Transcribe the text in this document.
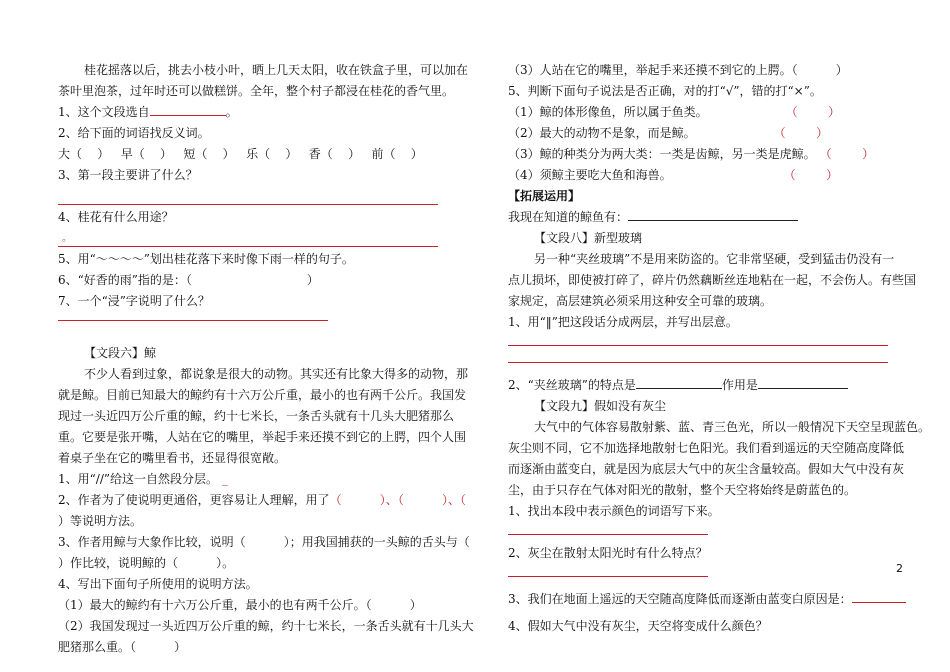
桂花摇落以后，挑去小枝小叶，晒上几天太阳，收在铁盒子里，可以加在
茶叶里泡茶，过年时还可以做糕饼。全年，整个村子都浸在桂花的香气里。
1、这个文段选自	。
2、给下面的词语找反义词。
大（    ）   早（    ）   短（    ）   乐（    ）   香（    ）   前（    ）
3、第一段主要讲了什么？
4、桂花有什么用途？
。
5、用“～～～～”划出桂花落下来时像下雨一样的句子。
6、“好香的雨”指的是：（	）
7、一个“浸”字说明了什么？
【文段六】鲸
不少人看到过象，都说象是很大的动物。其实还有比象大得多的动物，那
就是鲸。目前已知最大的鲸约有十六万公斤重，最小的也有两千公斤。我国发
现过一头近四万公斤重的鲸，约十七米长，一条舌头就有十几头大肥猪那么
重。它要是张开嘴，人站在它的嘴里，举起手来还摸不到它的上腭，四个人围
着桌子坐在它的嘴里看书，还显得很宽敞。
1、用“//”给这一自然段分层。 _
2、作者为了使说明更通俗，更容易让人理解，用了（          ）、（          ）、（
）等说明方法。
3、作者用鲸与大象作比较，说明（          ）；用我国捕获的一头鲸的舌头与（
）作比较，说明鲸的（          ）。
4、写出下面句子所使用的说明方法。
（1）最大的鲸约有十六万公斤重，最小的也有两千公斤。（          ）
（2）我国发现过一头近四万公斤重的鲸，约十七米长，一条舌头就有十几头大
肥猪那么重。（          ）
（3）人站在它的嘴里，举起手来还摸不到它的上腭。（          ）
5、判断下面句子说法是否正确，对的打“√”，错的打“×”。
（1）鲸的体形像鱼，所以属于鱼类。	（        ）
（2）最大的动物不是象，而是鲸。	（        ）
（3）鲸的种类分为两大类：一类是齿鲸，另一类是虎鲸。 （        ）
（4）须鲸主要吃大鱼和海兽。	（        ）
【拓展运用】
我现在知道的鲸鱼有：
【文段八】新型玻璃
另一种“夹丝玻璃”不是用来防盗的。它非常坚硬，受到猛击仍没有一
点儿损坏，即使被打碎了，碎片仍然藕断丝连地粘在一起，不会伤人。有些国
家规定，高层建筑必须采用这种安全可靠的玻璃。
1、用“‖”把这段话分成两层，并写出层意。
2、“夹丝玻璃”的特点是	作用是
【文段九】假如没有灰尘
大气中的气体容易散射紫、蓝、青三色光，所以一般情况下天空呈现蓝色。
灰尘则不同，它不加选择地散射七色阳光。我们看到遥远的天空随高度降低
而逐渐由蓝变白，就是因为底层大气中的灰尘含量较高。假如大气中没有灰
尘，由于只存在气体对阳光的散射，整个天空将始终是蔚蓝色的。
1、找出本段中表示颜色的词语写下来。
2、灰尘在散射太阳光时有什么特点？
3、我们在地面上遥远的天空随高度降低而逐渐由蓝变白原因是：
4、假如大气中没有灰尘，天空将变成什么颜色？
2
